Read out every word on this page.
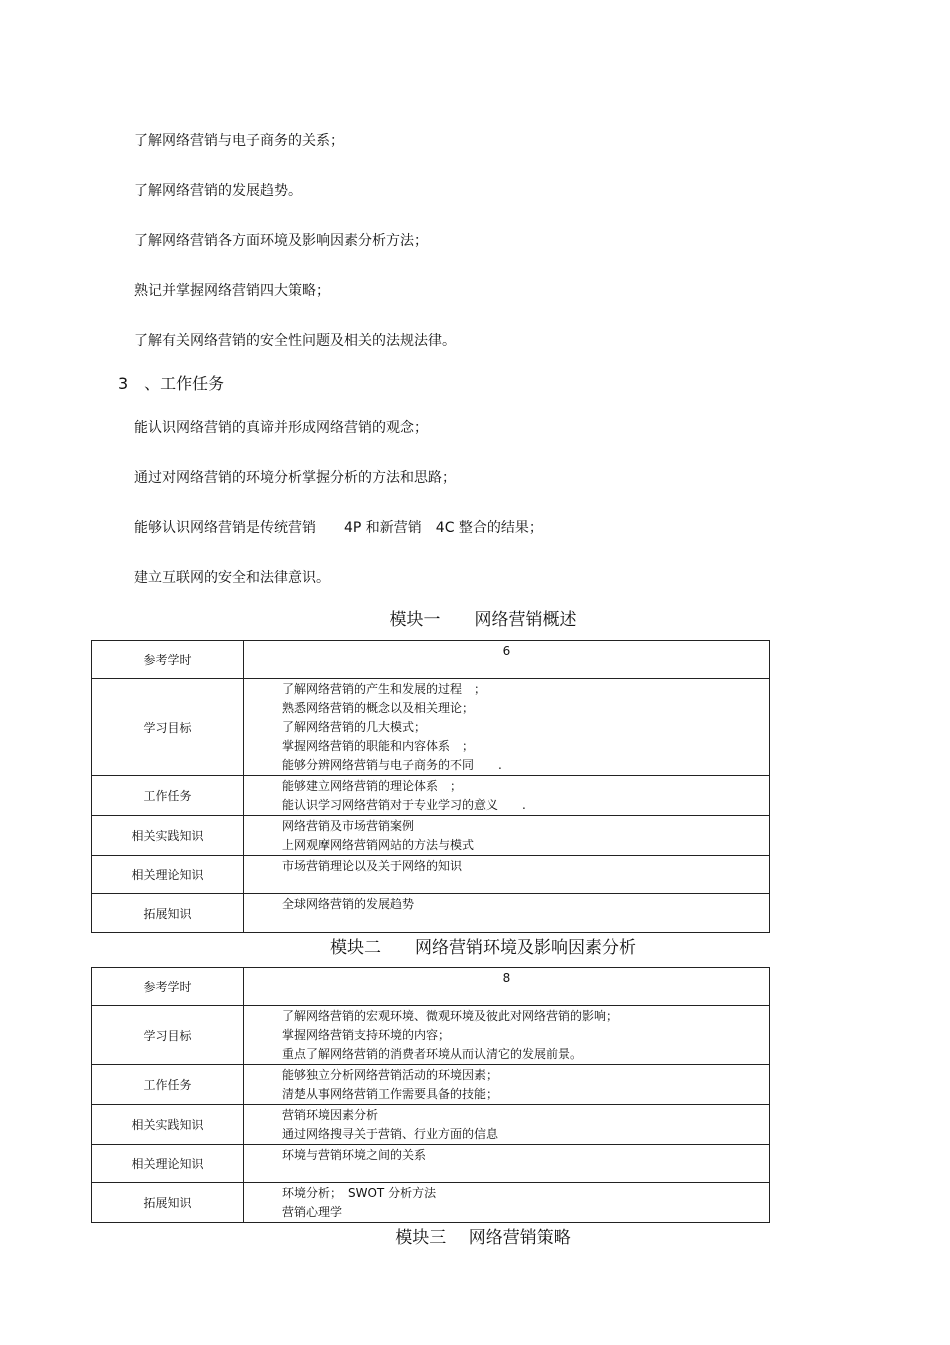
了解网络营销与电子商务的关系；
了解网络营销的发展趋势。
了解网络营销各方面环境及影响因素分析方法；
熟记并掌握网络营销四大策略；
了解有关网络营销的安全性问题及相关的法规法律。
3　、工作任务
能认识网络营销的真谛并形成网络营销的观念；
通过对网络营销的环境分析掌握分析的方法和思路；
能够认识网络营销是传统营销　　4P 和新营销　4C 整合的结果；
建立互联网的安全和法律意识。
模块一　　网络营销概述
参考学时	6

学习目标	了解网络营销的产生和发展的过程　；
熟悉网络营销的概念以及相关理论；
了解网络营销的几大模式；
掌握网络营销的职能和内容体系　；
能够分辨网络营销与电子商务的不同　　.

工作任务	能够建立网络营销的理论体系　；
能认识学习网络营销对于专业学习的意义　　.

相关实践知识	网络营销及市场营销案例
上网观摩网络营销网站的方法与模式

相关理论知识	市场营销理论以及关于网络的知识

拓展知识	全球网络营销的发展趋势
模块二　　网络营销环境及影响因素分析
参考学时	8

学习目标	了解网络营销的宏观环境、微观环境及彼此对网络营销的影响；
掌握网络营销支持环境的内容；
重点了解网络营销的消费者环境从而认清它的发展前景。

工作任务	能够独立分析网络营销活动的环境因素；
清楚从事网络营销工作需要具备的技能；

相关实践知识	营销环境因素分析
通过网络搜寻关于营销、行业方面的信息

相关理论知识	环境与营销环境之间的关系

拓展知识	环境分析；　SWOT 分析方法
营销心理学
模块三　 网络营销策略
